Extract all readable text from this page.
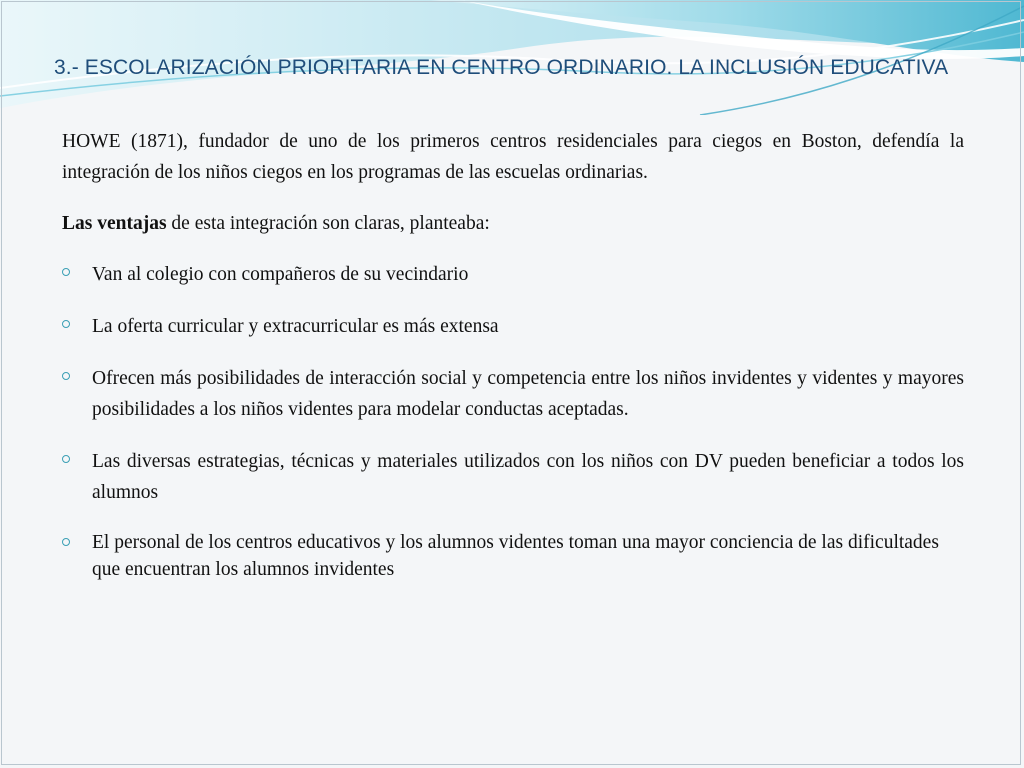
3.- ESCOLARIZACIÓN PRIORITARIA EN CENTRO ORDINARIO. LA INCLUSIÓN EDUCATIVA

HOWE (1871), fundador de uno de los primeros centros residenciales para ciegos en Boston, defendía la integración de los niños ciegos en los programas de las escuelas ordinarias.

Las ventajas de esta integración son claras, planteaba:

Van al colegio con compañeros de su vecindario
La oferta curricular y extracurricular es más extensa
Ofrecen más posibilidades de interacción social y competencia entre los niños invidentes y videntes y mayores posibilidades a los niños videntes para modelar conductas aceptadas.
Las diversas estrategias, técnicas y materiales utilizados con los niños con DV pueden beneficiar a todos los alumnos
El personal de los centros educativos y los alumnos videntes toman una mayor conciencia de las dificultades que encuentran los alumnos invidentes
